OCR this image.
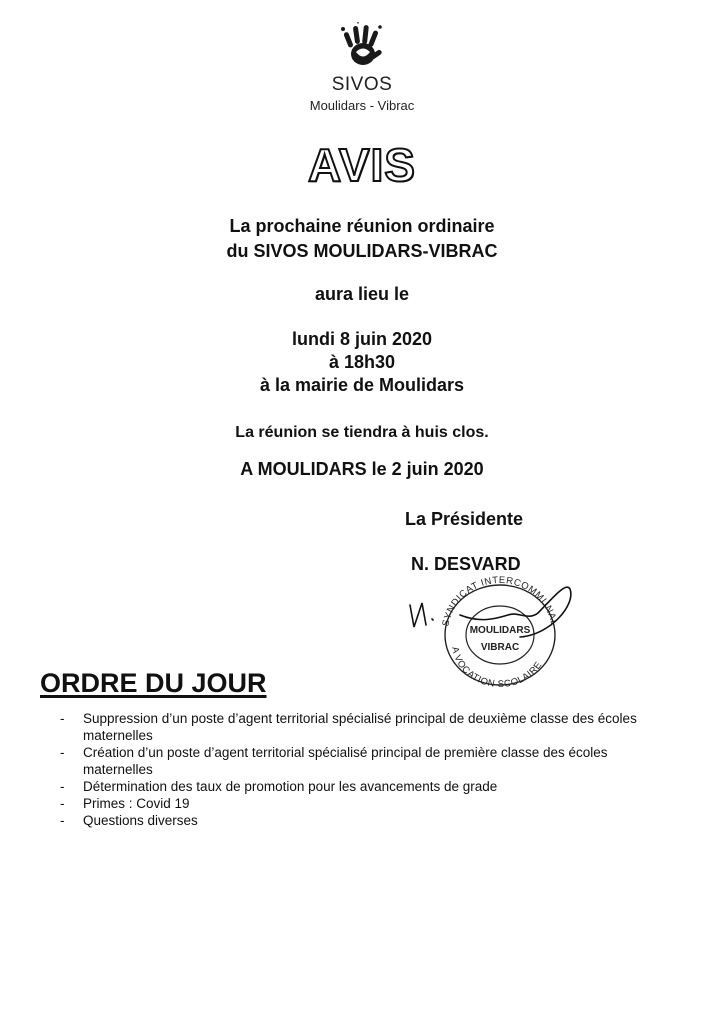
SIVOS
Moulidars - Vibrac
AVIS
La prochaine réunion ordinaire
du SIVOS MOULIDARS-VIBRAC
aura lieu le
lundi 8 juin 2020
à 18h30
à la mairie de Moulidars
La réunion se tiendra à huis clos.
A MOULIDARS le 2 juin 2020
La Présidente
N. DESVARD
SYNDICAT INTERCOMMUNAL
A VOCATION SCOLAIRE
MOULIDARS
VIBRAC
ORDRE DU JOUR
- Suppression d’un poste d’agent territorial spécialisé principal de deuxième classe des écoles maternelles
- Création d’un poste d’agent territorial spécialisé principal de première classe des écoles maternelles
- Détermination des taux de promotion pour les avancements de grade
- Primes : Covid 19
- Questions diverses
